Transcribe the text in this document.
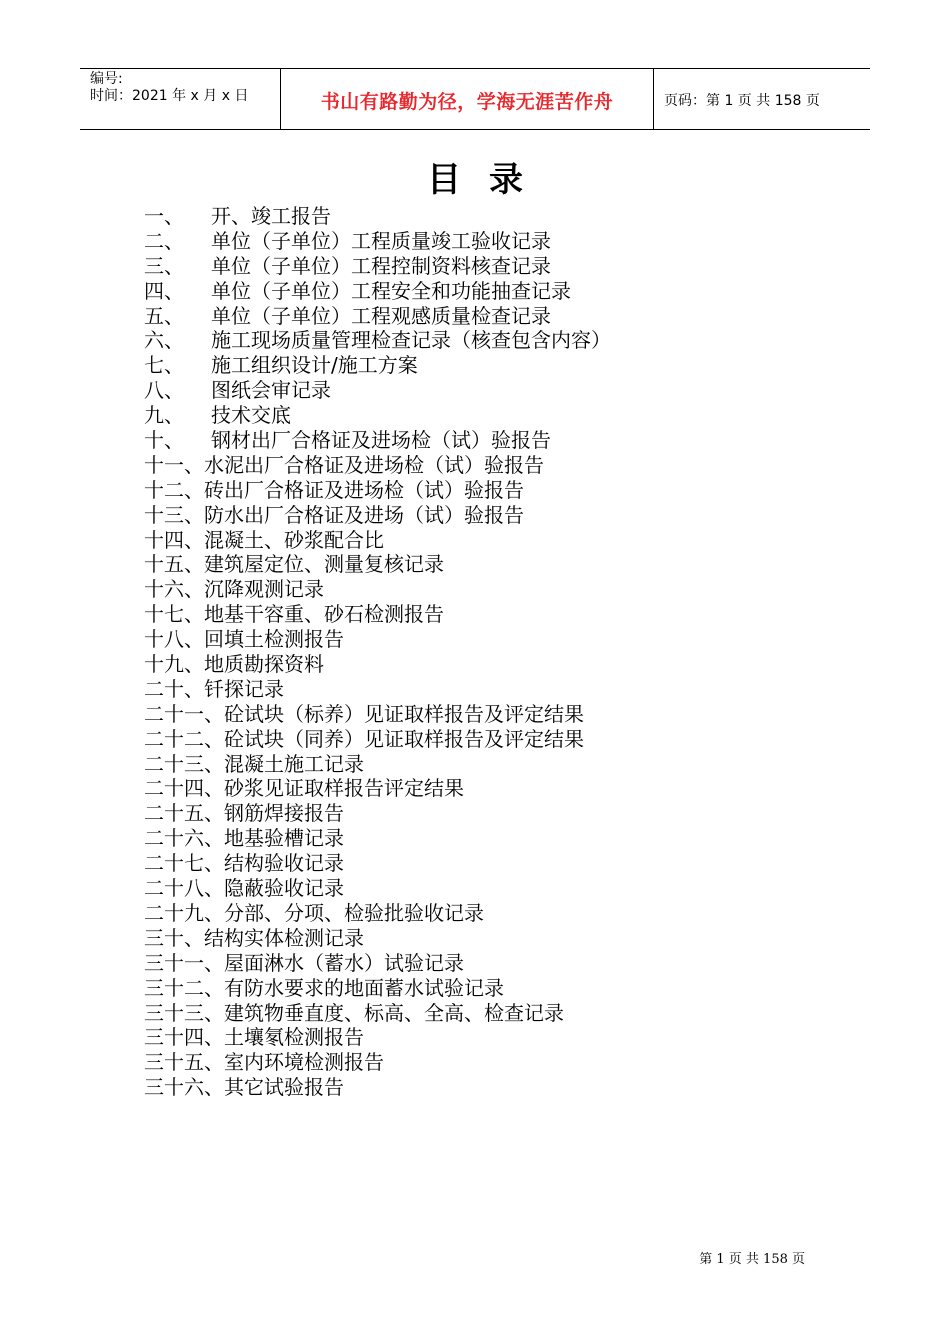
编号:
时间：2021 年 x 月 x 日	书山有路勤为径，学海无涯苦作舟	页码：第 1 页 共 158 页
目录
一、	开、竣工报告
二、	单位（子单位）工程质量竣工验收记录
三、	单位（子单位）工程控制资料核查记录
四、	单位（子单位）工程安全和功能抽查记录
五、	单位（子单位）工程观感质量检查记录
六、	施工现场质量管理检查记录（核查包含内容）
七、	施工组织设计/施工方案
八、	图纸会审记录
九、	技术交底
十、	钢材出厂合格证及进场检（试）验报告
十一、 水泥出厂合格证及进场检（试）验报告
十二、 砖出厂合格证及进场检（试）验报告
十三、 防水出厂合格证及进场（试）验报告
十四、 混凝土、砂浆配合比
十五、 建筑屋定位、测量复核记录
十六、 沉降观测记录
十七、 地基干容重、砂石检测报告
十八、 回填土检测报告
十九、 地质勘探资料
二十、 钎探记录
二十一、 砼试块（标养）见证取样报告及评定结果
二十二、 砼试块（同养）见证取样报告及评定结果
二十三、 混凝土施工记录
二十四、 砂浆见证取样报告评定结果
二十五、 钢筋焊接报告
二十六、 地基验槽记录
二十七、 结构验收记录
二十八、 隐蔽验收记录
二十九、 分部、分项、检验批验收记录
三十、 结构实体检测记录
三十一、 屋面淋水（蓄水）试验记录
三十二、 有防水要求的地面蓄水试验记录
三十三、 建筑物垂直度、标高、全高、检查记录
三十四、 土壤氡检测报告
三十五、 室内环境检测报告
三十六、 其它试验报告
第 1 页 共 158 页
